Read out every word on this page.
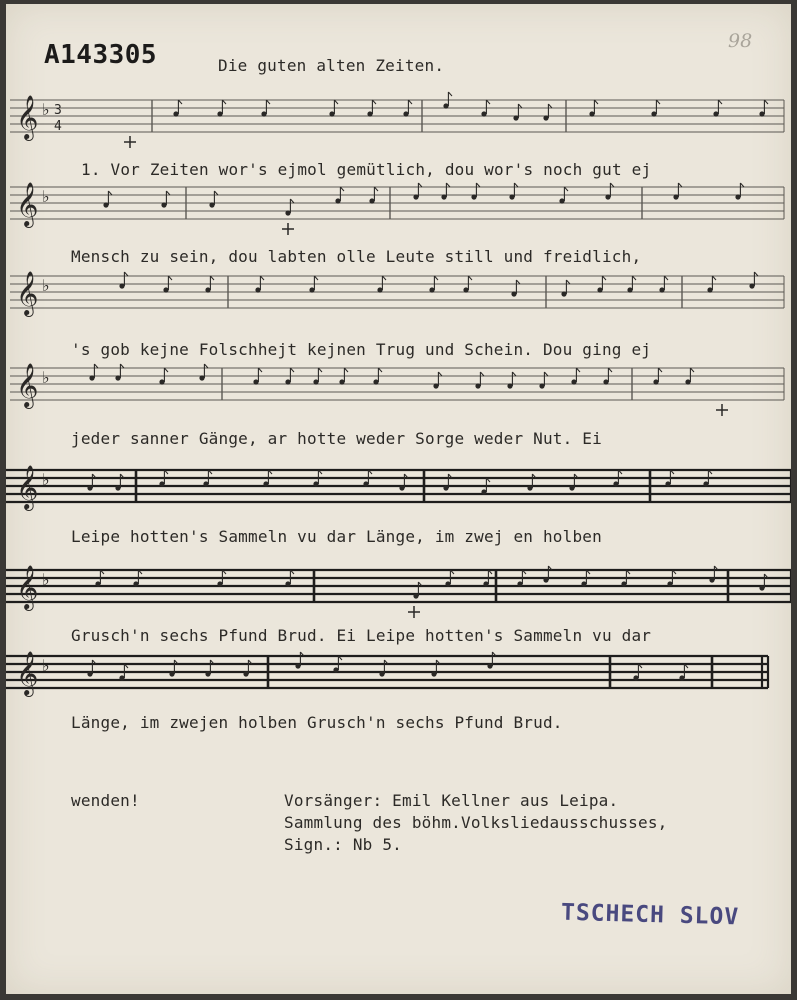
A143305	Die guten alten Zeiten.
98
1. Vor Zeiten wor's ejmol gemütlich, dou wor's noch gut ej
Mensch zu sein, dou labten olle Leute still und freidlich,
's gob kejne Folschhejt kejnen Trug und Schein. Dou ging ej
jeder sanner Gänge, ar hotte weder Sorge weder Nut. Ei
Leipe hotten's Sammeln vu dar Länge, im zwej en holben
Grusch'n sechs Pfund Brud. Ei Leipe hotten's Sammeln vu dar
Länge, im zwejen holben Grusch'n sechs Pfund Brud.
wenden!	Vorsänger: Emil Kellner aus Leipa.
Sammlung des böhm.Volksliedausschusses,
Sign.: Nb 5.
TSCHECH SLOV
𝄞 ♭ 3
4
𝄞 ♭
𝄞 ♭
𝄞 ♭
𝄞 ♭
𝄞 ♭
𝄞 ♭
